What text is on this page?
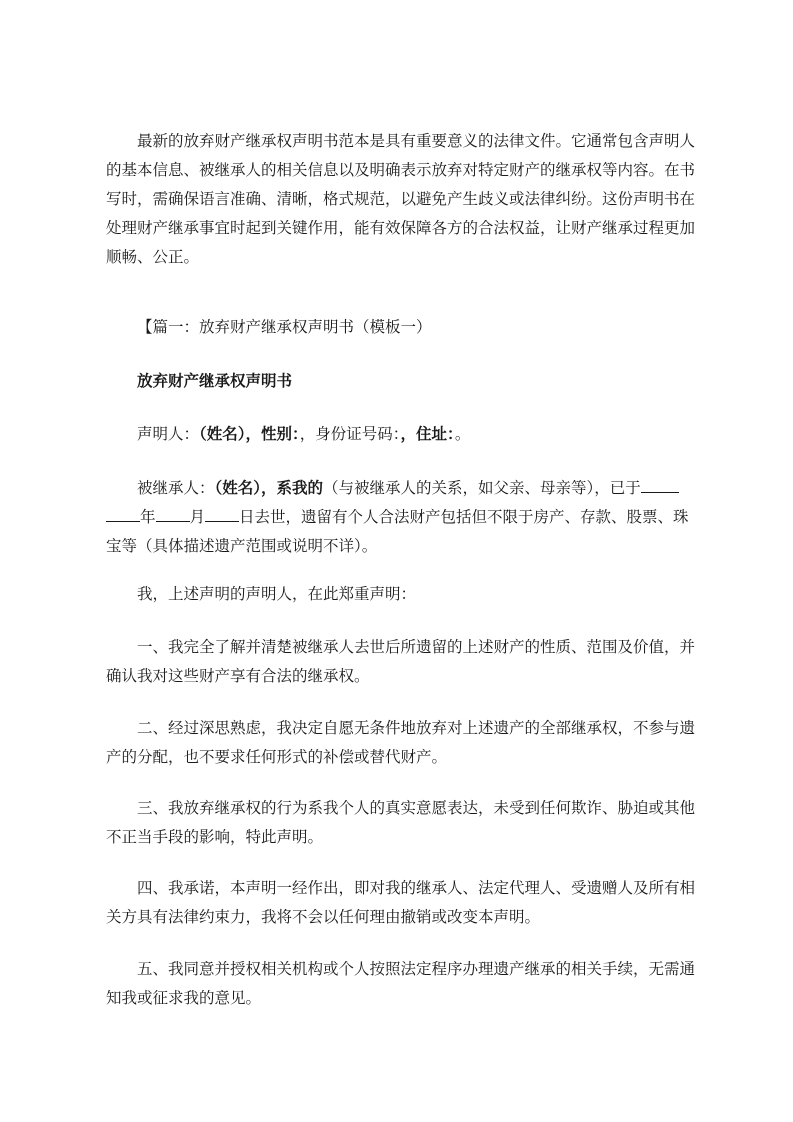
最新的放弃财产继承权声明书范本是具有重要意义的法律文件。它通常包含声明人的基本信息、被继承人的相关信息以及明确表示放弃对特定财产的继承权等内容。在书写时，需确保语言准确、清晰，格式规范，以避免产生歧义或法律纠纷。这份声明书在处理财产继承事宜时起到关键作用，能有效保障各方的合法权益，让财产继承过程更加顺畅、公正。

【篇一：放弃财产继承权声明书（模板一）

放弃财产继承权声明书

声明人：（姓名），性别：，身份证号码：，住址：。

被继承人：（姓名），系我的（与被继承人的关系，如父亲、母亲等），已于年 月 日去世，遗留有个人合法财产包括但不限于房产、存款、股票、珠宝等（具体描述遗产范围或说明不详）。

我，上述声明的声明人，在此郑重声明：

一、我完全了解并清楚被继承人去世后所遗留的上述财产的性质、范围及价值，并确认我对这些财产享有合法的继承权。

二、经过深思熟虑，我决定自愿无条件地放弃对上述遗产的全部继承权，不参与遗产的分配，也不要求任何形式的补偿或替代财产。

三、我放弃继承权的行为系我个人的真实意愿表达，未受到任何欺诈、胁迫或其他不正当手段的影响，特此声明。

四、我承诺，本声明一经作出，即对我的继承人、法定代理人、受遗赠人及所有相关方具有法律约束力，我将不会以任何理由撤销或改变本声明。

五、我同意并授权相关机构或个人按照法定程序办理遗产继承的相关手续，无需通知我或征求我的意见。
